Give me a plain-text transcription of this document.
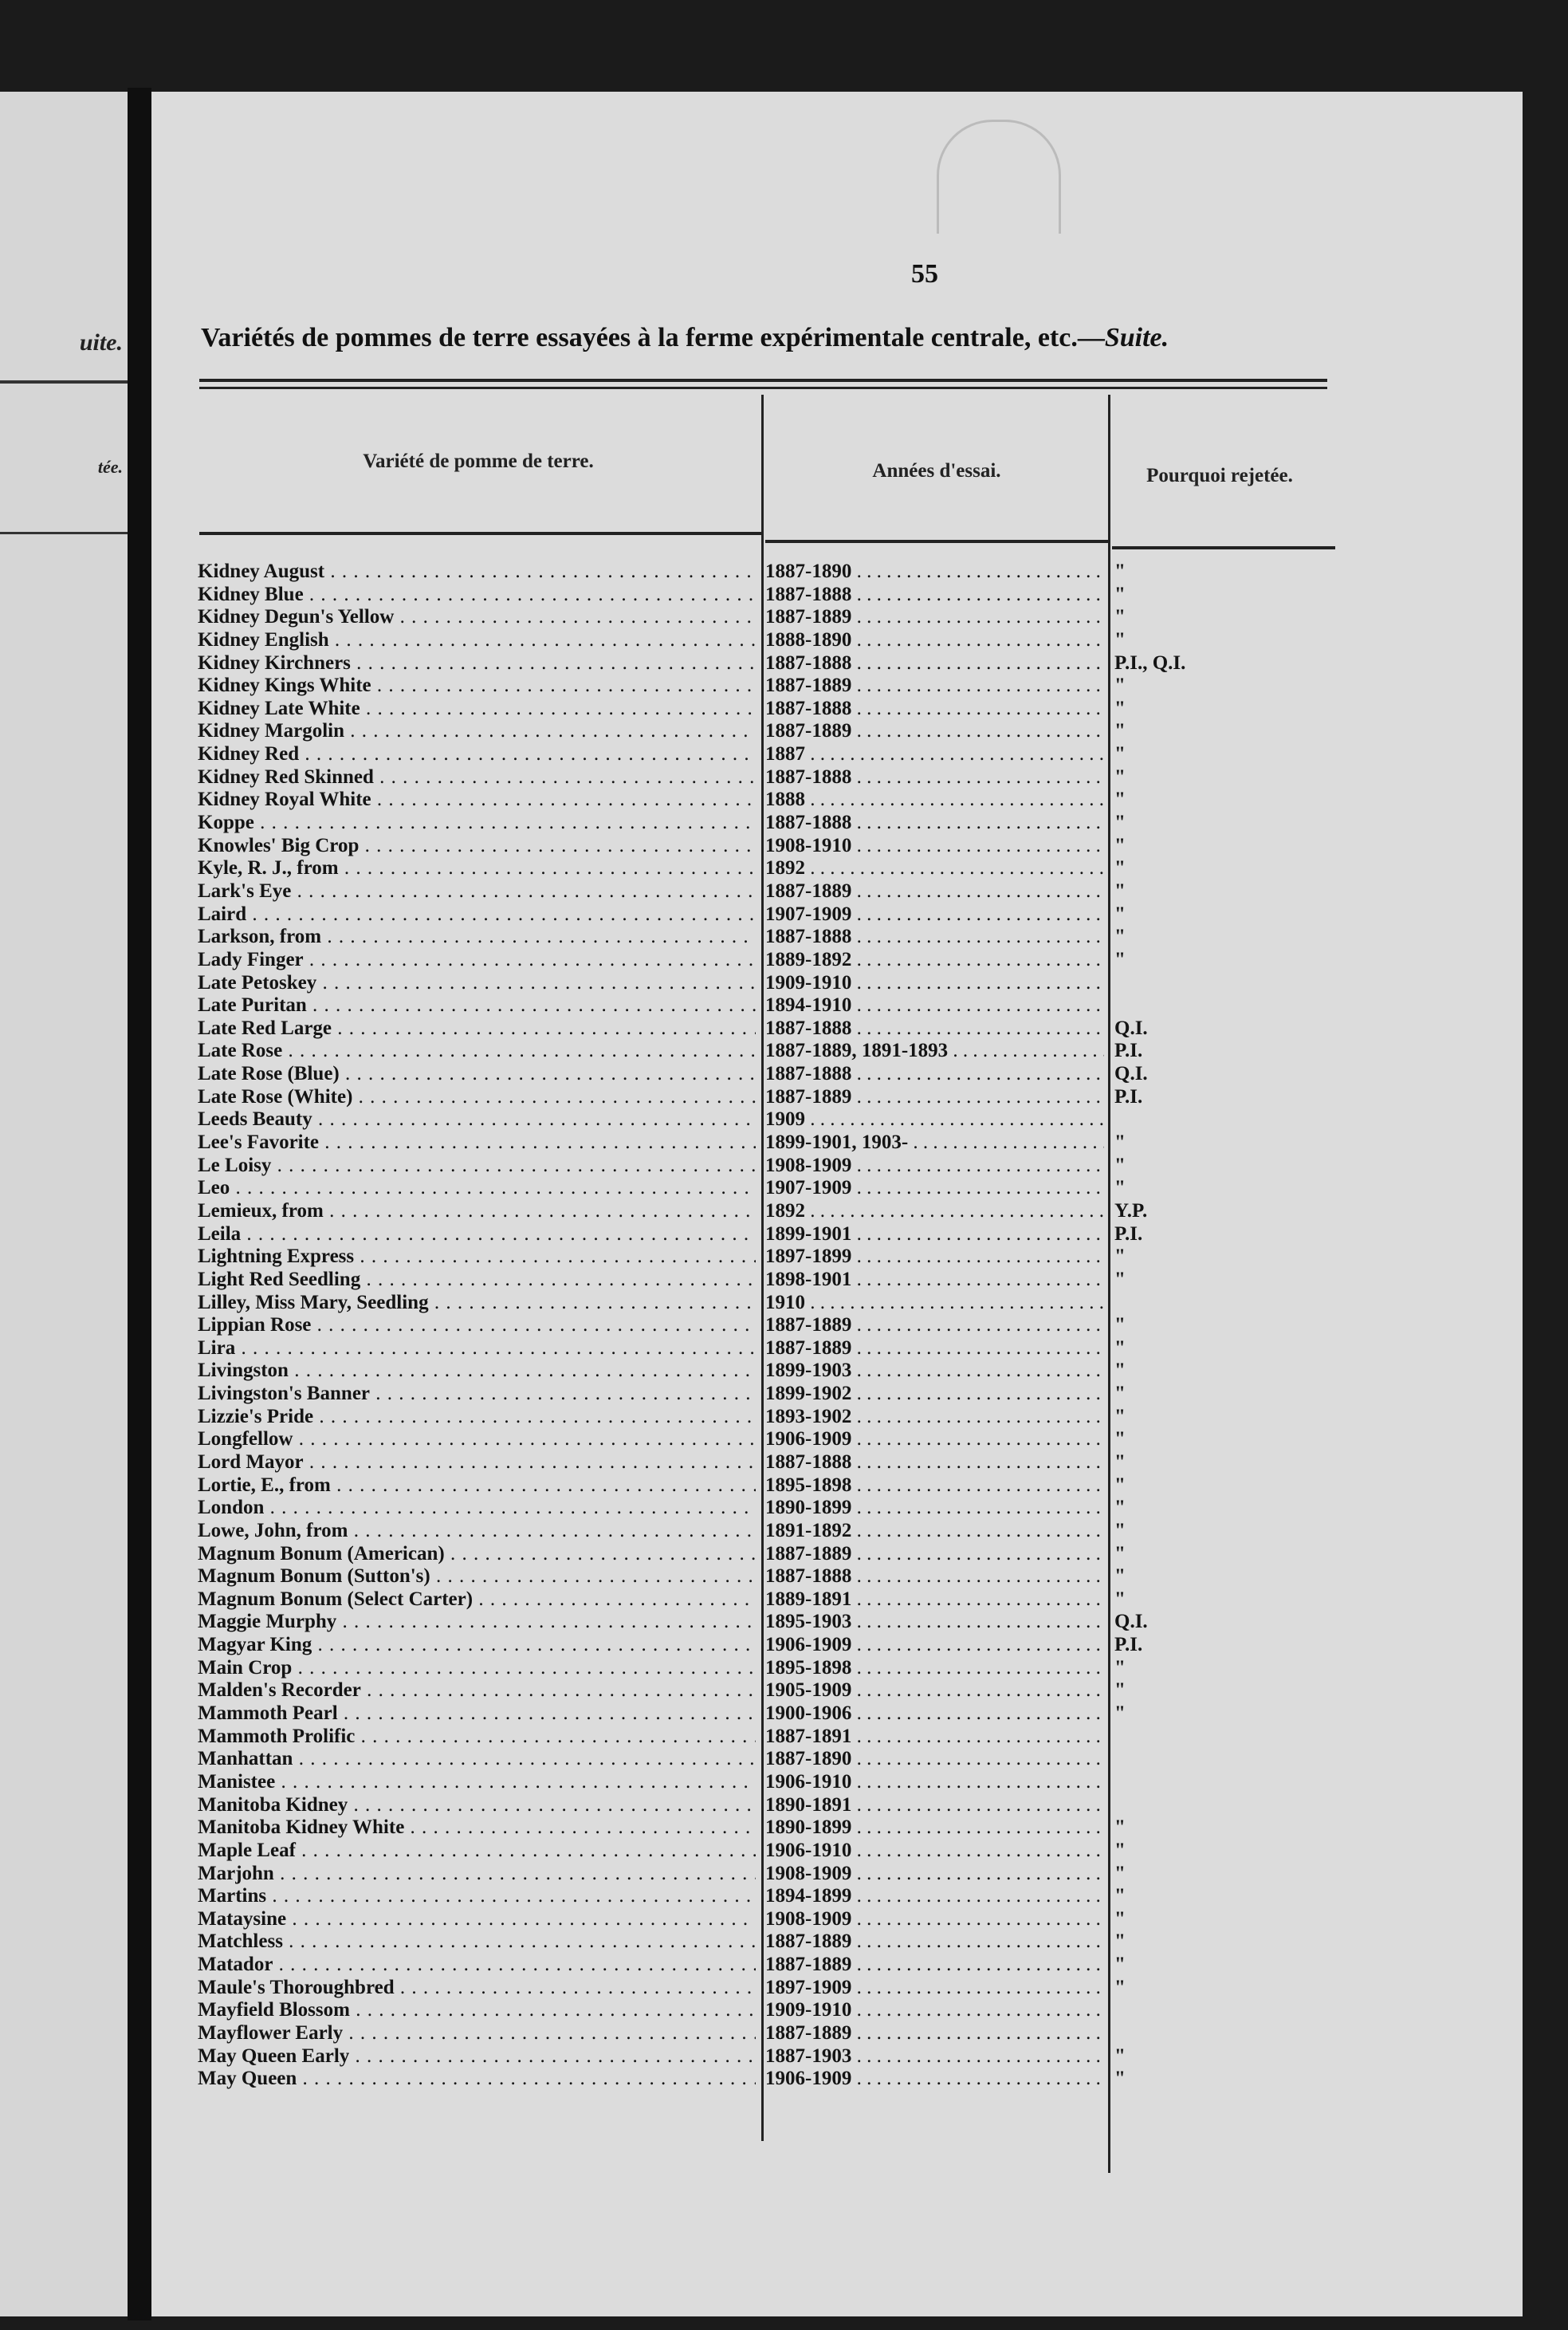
uite.
tée.
55
Variétés de pommes de terre essayées à la ferme expérimentale centrale, etc.—Suite.
Variété de pomme de terre.	Années d'essai.	Pourquoi rejetée.
Kidney August . . .	1887-1890 . . .	"
Kidney Blue . . .	1887-1888 . . .	"
Kidney Degun's Yellow . . .	1887-1889 . . .	"
Kidney English . . .	1888-1890 . . .	"
Kidney Kirchners . . .	1887-1888 . . .	P.I., Q.I.
Kidney Kings White . . .	1887-1889 . . .	"
Kidney Late White . . .	1887-1888 . . .	"
Kidney Margolin . . .	1887-1889 . . .	"
Kidney Red . . .	1887 . . .	"
Kidney Red Skinned . . .	1887-1888 . . .	"
Kidney Royal White . . .	1888 . . .	"
Koppe . . .	1887-1888 . . .	"
Knowles' Big Crop . . .	1908-1910 . . .	"
Kyle, R. J., from . . .	1892 . . .	"
Lark's Eye . . .	1887-1889 . . .	"
Laird . . .	1907-1909 . . .	"
Larkson, from . . .	1887-1888 . . .	"
Lady Finger . . .	1889-1892 . . .	"
Late Petoskey . . .	1909-1910 . . .
Late Puritan . . .	1894-1910 . . .
Late Red Large . . .	1887-1888 . . .	Q.I.
Late Rose . . .	1887-1889, 1891-1893 . . .	P.I.
Late Rose (Blue) . . .	1887-1888 . . .	Q.I.
Late Rose (White) . . .	1887-1889 . . .	P.I.
Leeds Beauty . . .	1909 . . .
Lee's Favorite . . .	1899-1901, 1903- . . .	"
Le Loisy . . .	1908-1909 . . .	"
Leo . . .	1907-1909 . . .	"
Lemieux, from . . .	1892 . . .	Y.P.
Leila . . .	1899-1901 . . .	P.I.
Lightning Express . . .	1897-1899 . . .	"
Light Red Seedling . . .	1898-1901 . . .	"
Lilley, Miss Mary, Seedling . . .	1910 . . .
Lippian Rose . . .	1887-1889 . . .	"
Lira . . .	1887-1889 . . .	"
Livingston . . .	1899-1903 . . .	"
Livingston's Banner . . .	1899-1902 . . .	"
Lizzie's Pride . . .	1893-1902 . . .	"
Longfellow . . .	1906-1909 . . .	"
Lord Mayor . . .	1887-1888 . . .	"
Lortie, E., from . . .	1895-1898 . . .	"
London . . .	1890-1899 . . .	"
Lowe, John, from . . .	1891-1892 . . .	"
Magnum Bonum (American) . . .	1887-1889 . . .	"
Magnum Bonum (Sutton's) . . .	1887-1888 . . .	"
Magnum Bonum (Select Carter) . . .	1889-1891 . . .	"
Maggie Murphy . . .	1895-1903 . . .	Q.I.
Magyar King . . .	1906-1909 . . .	P.I.
Main Crop . . .	1895-1898 . . .	"
Malden's Recorder . . .	1905-1909 . . .	"
Mammoth Pearl . . .	1900-1906 . . .	"
Mammoth Prolific . . .	1887-1891 . . .
Manhattan . . .	1887-1890 . . .
Manistee . . .	1906-1910 . . .
Manitoba Kidney . . .	1890-1891 . . .
Manitoba Kidney White . . .	1890-1899 . . .	"
Maple Leaf . . .	1906-1910 . . .	"
Marjohn . . .	1908-1909 . . .	"
Martins . . .	1894-1899 . . .	"
Mataysine . . .	1908-1909 . . .	"
Matchless . . .	1887-1889 . . .	"
Matador . . .	1887-1889 . . .	"
Maule's Thoroughbred . . .	1897-1909 . . .	"
Mayfield Blossom . . .	1909-1910 . . .
Mayflower Early . . .	1887-1889 . . .
May Queen Early . . .	1887-1903 . . .	"
May Queen . . .	1906-1909 . . .	"
